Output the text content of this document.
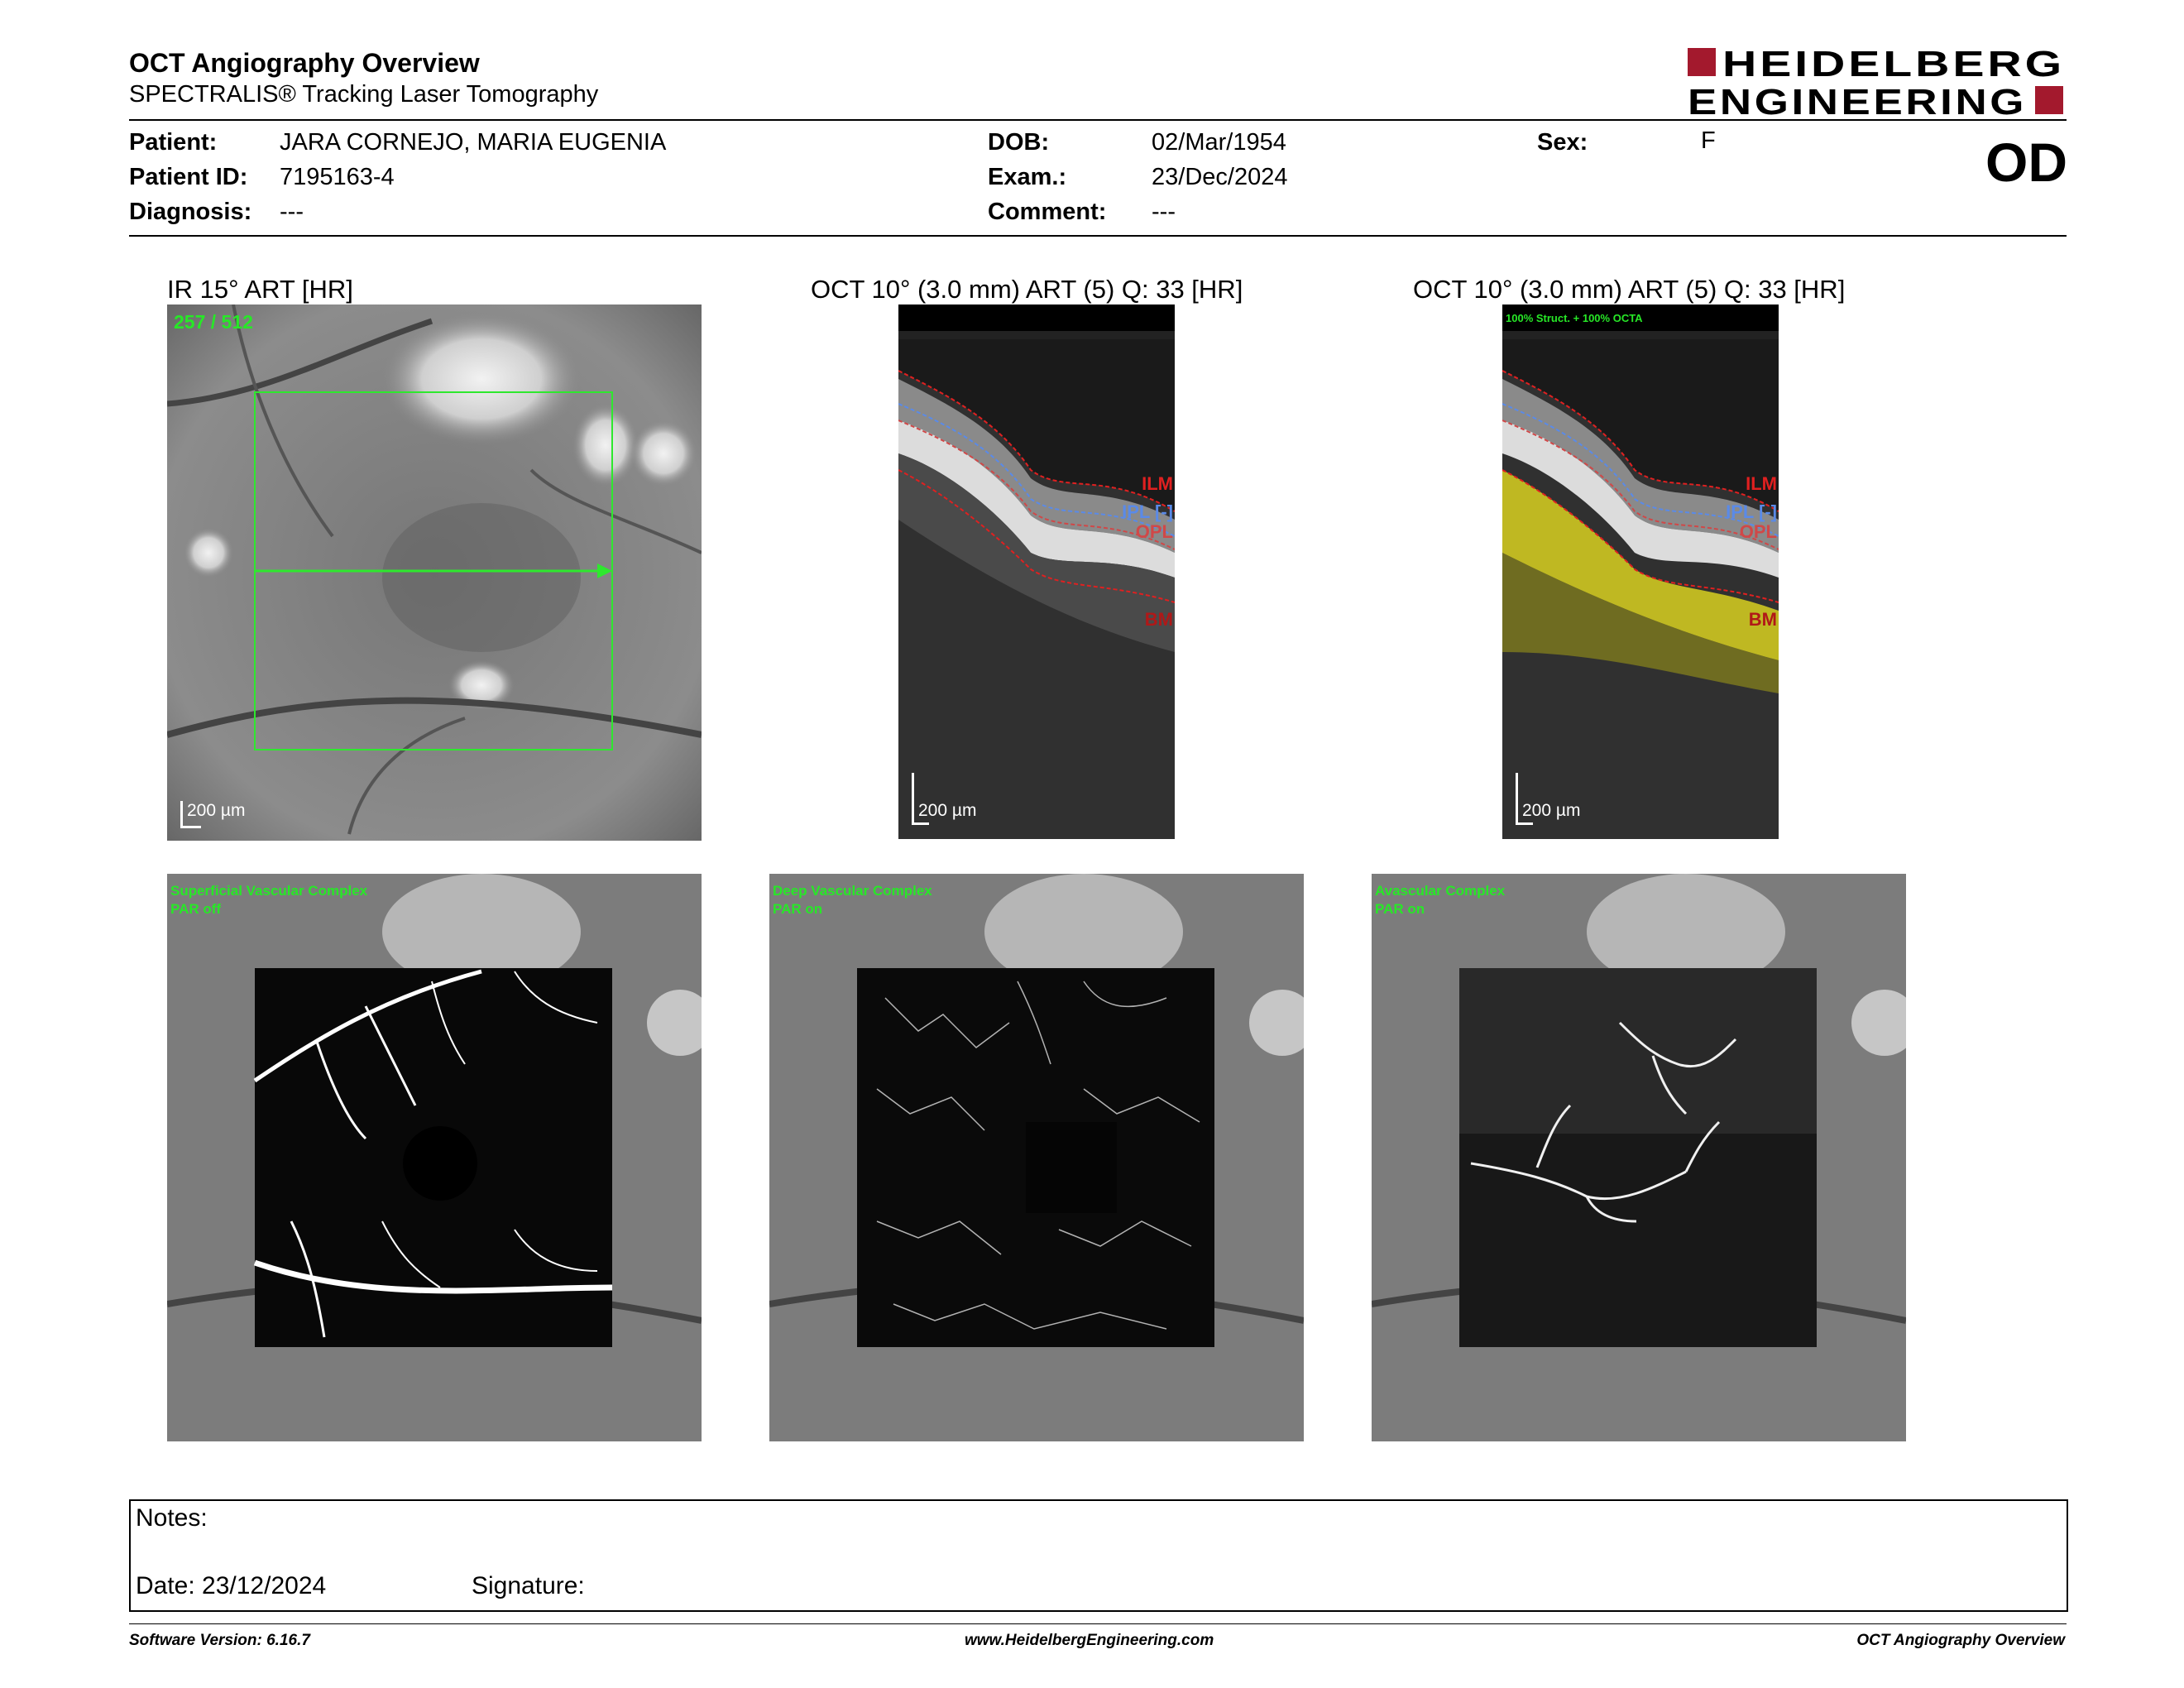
OCT Angiography Overview
SPECTRALIS® Tracking Laser Tomography
HEIDELBERG
ENGINEERING
Patient:	JARA CORNEJO, MARIA EUGENIA
Patient ID: 7195163-4
Diagnosis: ---
DOB:	02/Mar/1954
Exam.:	23/Dec/2024
Comment: ---
Sex:	F	OD
IR 15° ART [HR]	OCT 10° (3.0 mm) ART (5) Q: 33 [HR]	OCT 10° (3.0 mm) ART (5) Q: 33 [HR]
257 / 512
200 µm
ILM
IPL [-]
OPL
BM
200 µm
100% Struct. + 100% OCTA
ILM
IPL [-]
OPL
BM
200 µm
Superficial Vascular Complex
PAR off
Deep Vascular Complex
PAR on
Avascular Complex
PAR on
Notes:
Date: 23/12/2024	Signature:
Software Version: 6.16.7	www.HeidelbergEngineering.com	OCT Angiography Overview
